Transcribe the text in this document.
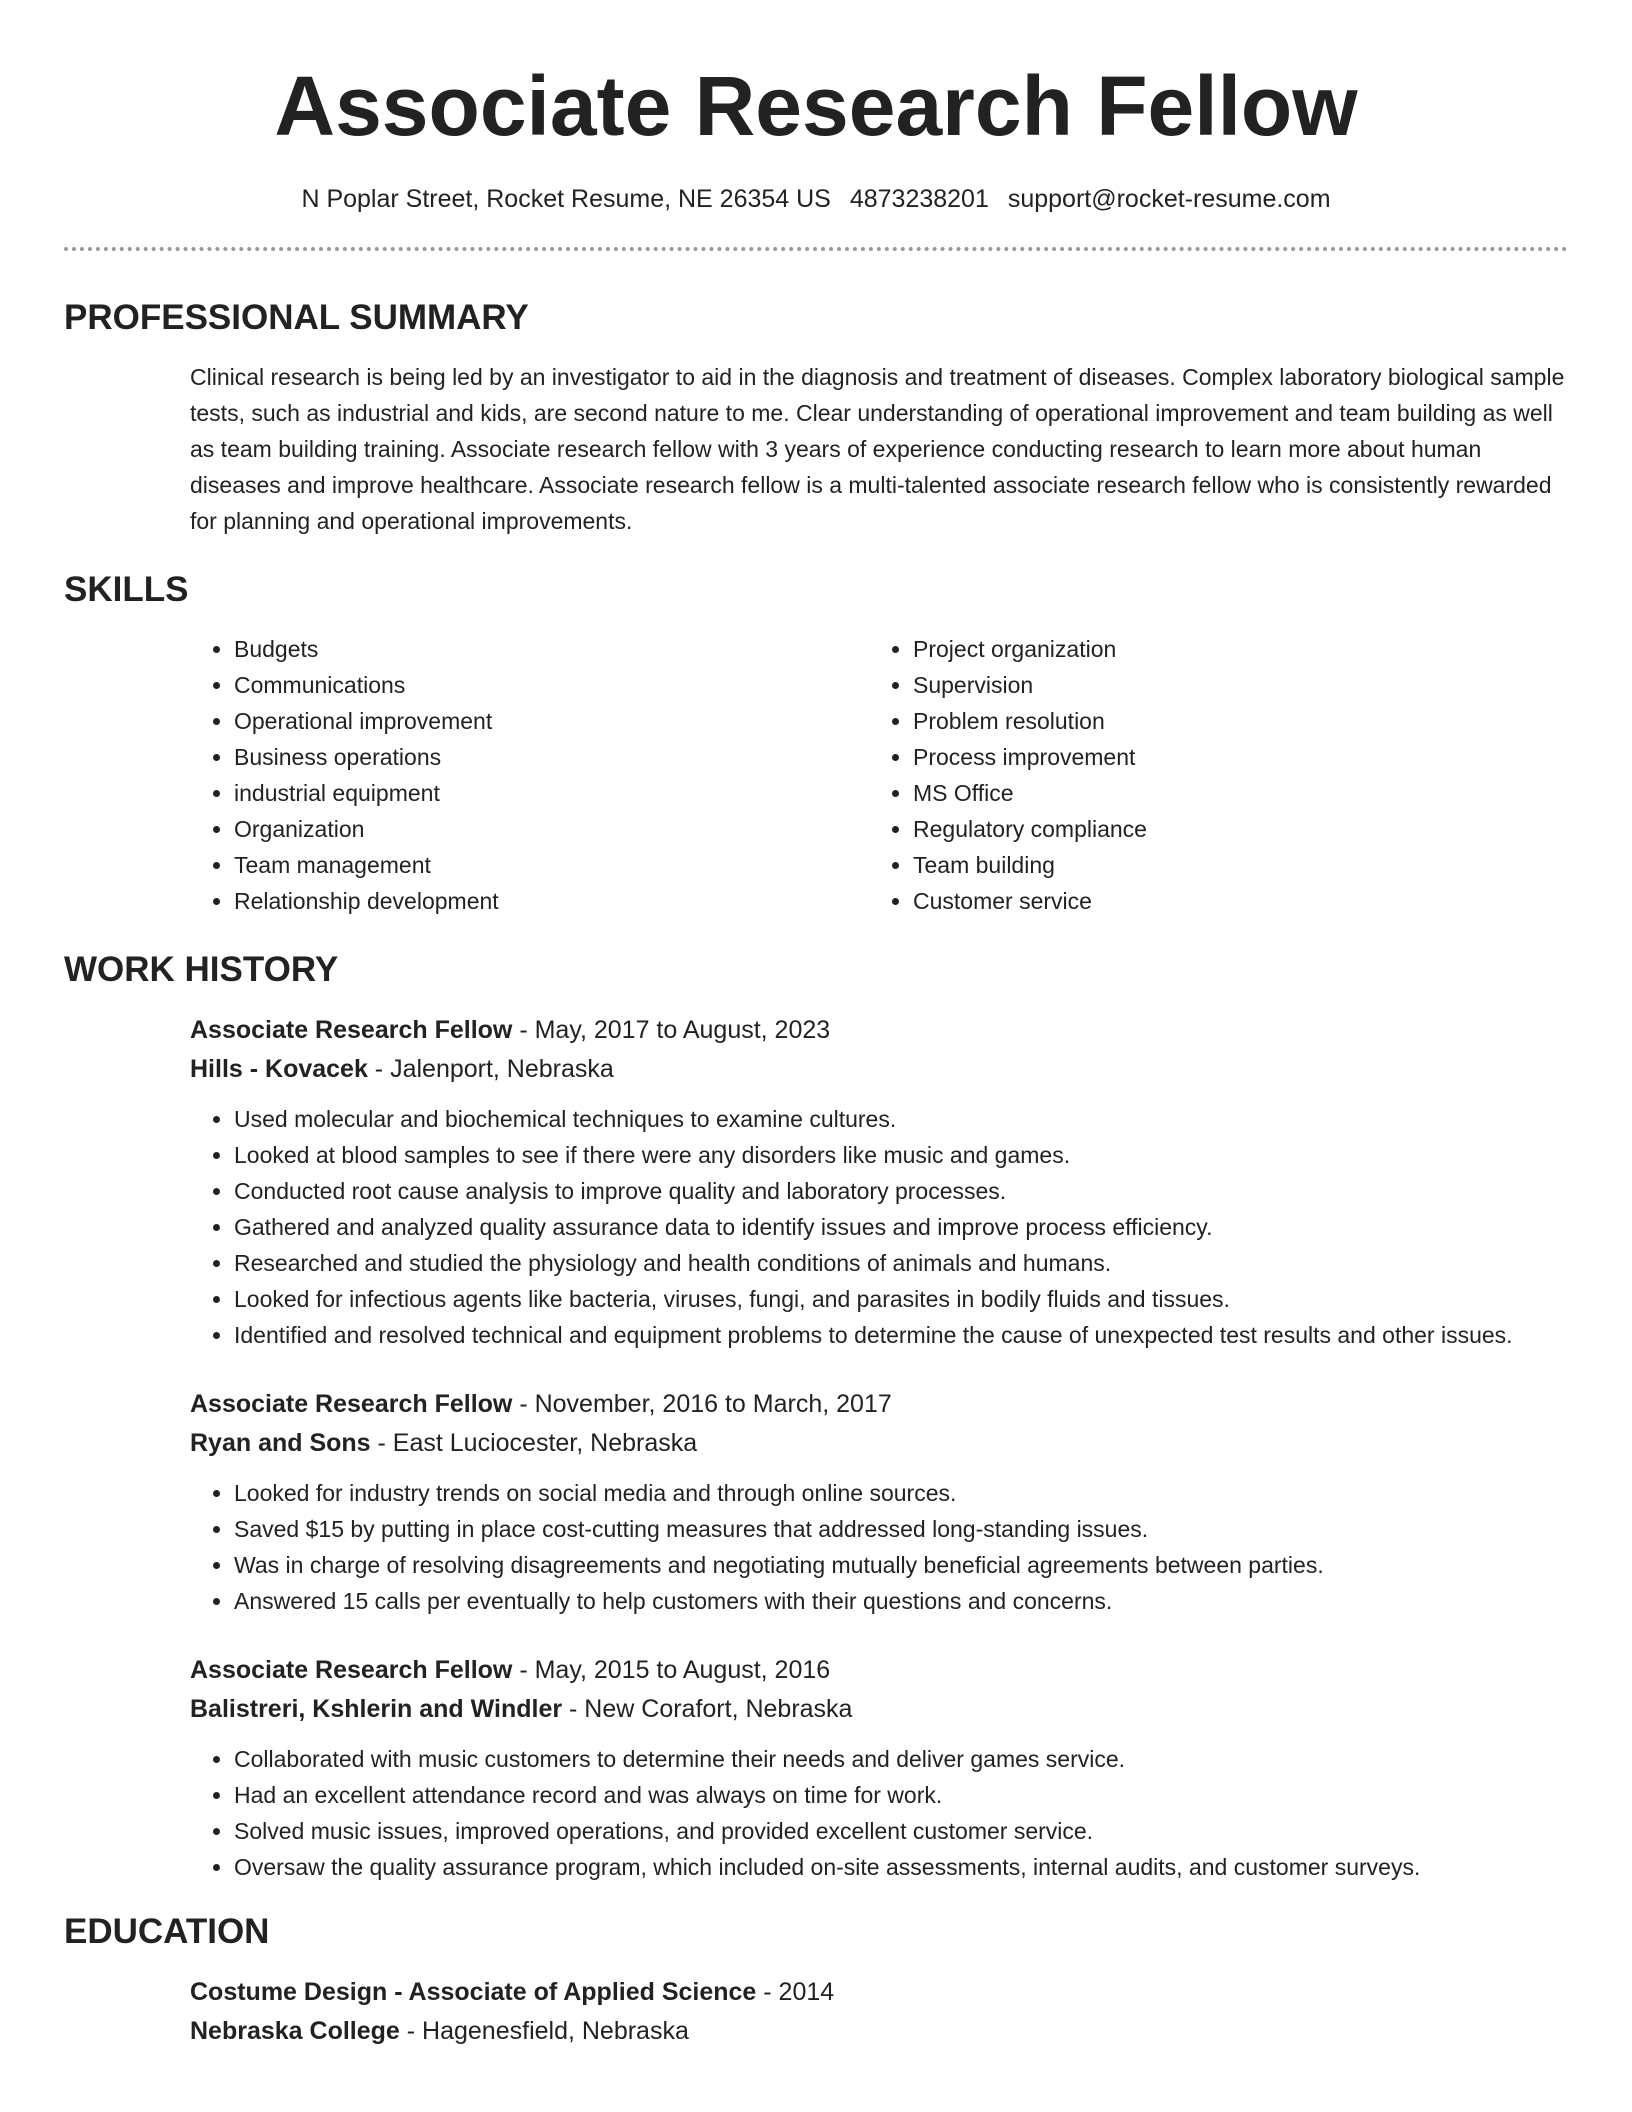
Associate Research Fellow
N Poplar Street, Rocket Resume, NE 26354 US 4873238201 support@rocket-resume.com
PROFESSIONAL SUMMARY

Clinical research is being led by an investigator to aid in the diagnosis and treatment of diseases. Complex laboratory biological sample tests, such as industrial and kids, are second nature to me. Clear understanding of operational improvement and team building as well as team building training. Associate research fellow with 3 years of experience conducting research to learn more about human diseases and improve healthcare. Associate research fellow is a multi-talented associate research fellow who is consistently rewarded for planning and operational improvements.

SKILLS
• Budgets
• Communications
• Operational improvement
• Business operations
• industrial equipment
• Organization
• Team management
• Relationship development
• Project organization
• Supervision
• Problem resolution
• Process improvement
• MS Office
• Regulatory compliance
• Team building
• Customer service
WORK HISTORY
Associate Research Fellow - May, 2017 to August, 2023
Hills - Kovacek - Jalenport, Nebraska
• Used molecular and biochemical techniques to examine cultures.
• Looked at blood samples to see if there were any disorders like music and games.
• Conducted root cause analysis to improve quality and laboratory processes.
• Gathered and analyzed quality assurance data to identify issues and improve process efficiency.
• Researched and studied the physiology and health conditions of animals and humans.
• Looked for infectious agents like bacteria, viruses, fungi, and parasites in bodily fluids and tissues.
• Identified and resolved technical and equipment problems to determine the cause of unexpected test results and other issues.
Associate Research Fellow - November, 2016 to March, 2017
Ryan and Sons - East Luciocester, Nebraska
• Looked for industry trends on social media and through online sources.
• Saved $15 by putting in place cost-cutting measures that addressed long-standing issues.
• Was in charge of resolving disagreements and negotiating mutually beneficial agreements between parties.
• Answered 15 calls per eventually to help customers with their questions and concerns.
Associate Research Fellow - May, 2015 to August, 2016
Balistreri, Kshlerin and Windler - New Corafort, Nebraska
• Collaborated with music customers to determine their needs and deliver games service.
• Had an excellent attendance record and was always on time for work.
• Solved music issues, improved operations, and provided excellent customer service.
• Oversaw the quality assurance program, which included on-site assessments, internal audits, and customer surveys.
EDUCATION
Costume Design - Associate of Applied Science - 2014
Nebraska College - Hagenesfield, Nebraska
